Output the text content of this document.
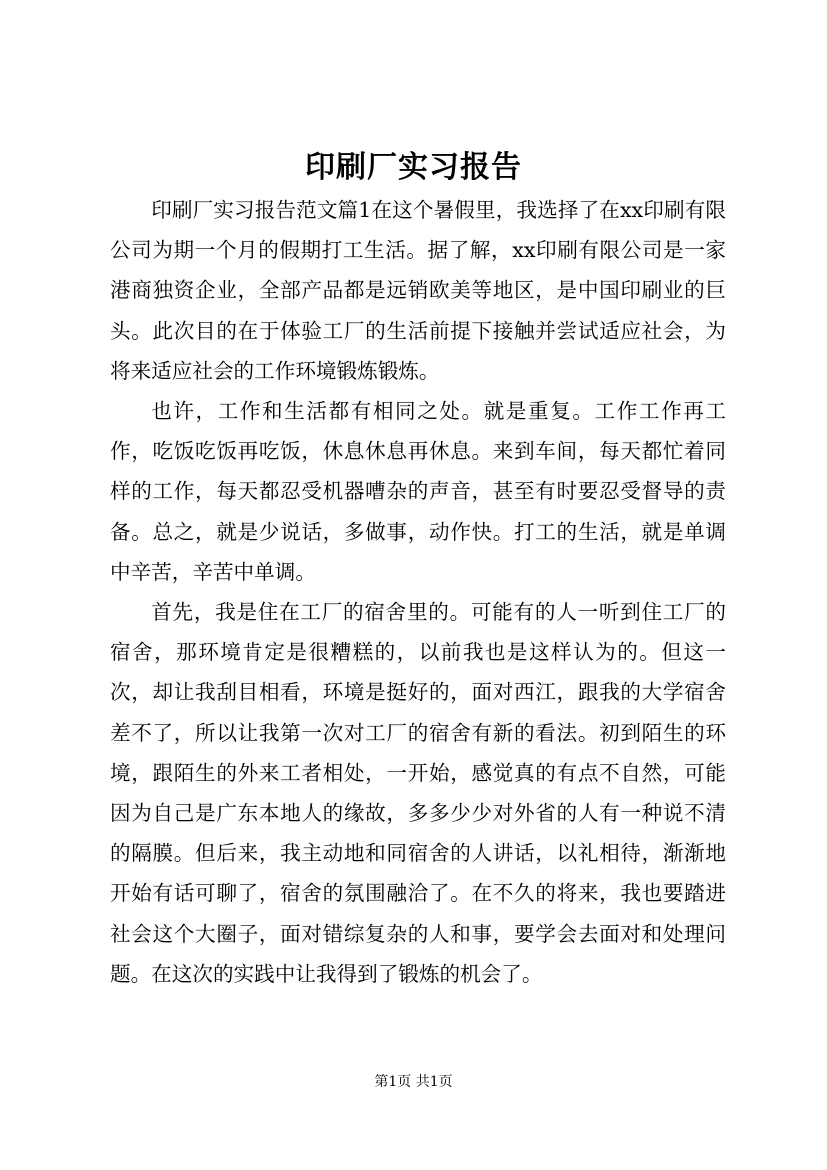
印刷厂实习报告

印刷厂实习报告范文篇1在这个暑假里，我选择了在xx印刷有限公司为期一个月的假期打工生活。据了解，xx印刷有限公司是一家港商独资企业，全部产品都是远销欧美等地区，是中国印刷业的巨头。此次目的在于体验工厂的生活前提下接触并尝试适应社会，为将来适应社会的工作环境锻炼锻炼。

也许，工作和生活都有相同之处。就是重复。工作工作再工作，吃饭吃饭再吃饭，休息休息再休息。来到车间，每天都忙着同样的工作，每天都忍受机器嘈杂的声音，甚至有时要忍受督导的责备。总之，就是少说话，多做事，动作快。打工的生活，就是单调中辛苦，辛苦中单调。

首先，我是住在工厂的宿舍里的。可能有的人一听到住工厂的宿舍，那环境肯定是很糟糕的，以前我也是这样认为的。但这一次，却让我刮目相看，环境是挺好的，面对西江，跟我的大学宿舍差不了，所以让我第一次对工厂的宿舍有新的看法。初到陌生的环境，跟陌生的外来工者相处，一开始，感觉真的有点不自然，可能因为自己是广东本地人的缘故，多多少少对外省的人有一种说不清的隔膜。但后来，我主动地和同宿舍的人讲话，以礼相待，渐渐地开始有话可聊了，宿舍的氛围融洽了。在不久的将来，我也要踏进社会这个大圈子，面对错综复杂的人和事，要学会去面对和处理问题。在这次的实践中让我得到了锻炼的机会了。

第1页 共1页
